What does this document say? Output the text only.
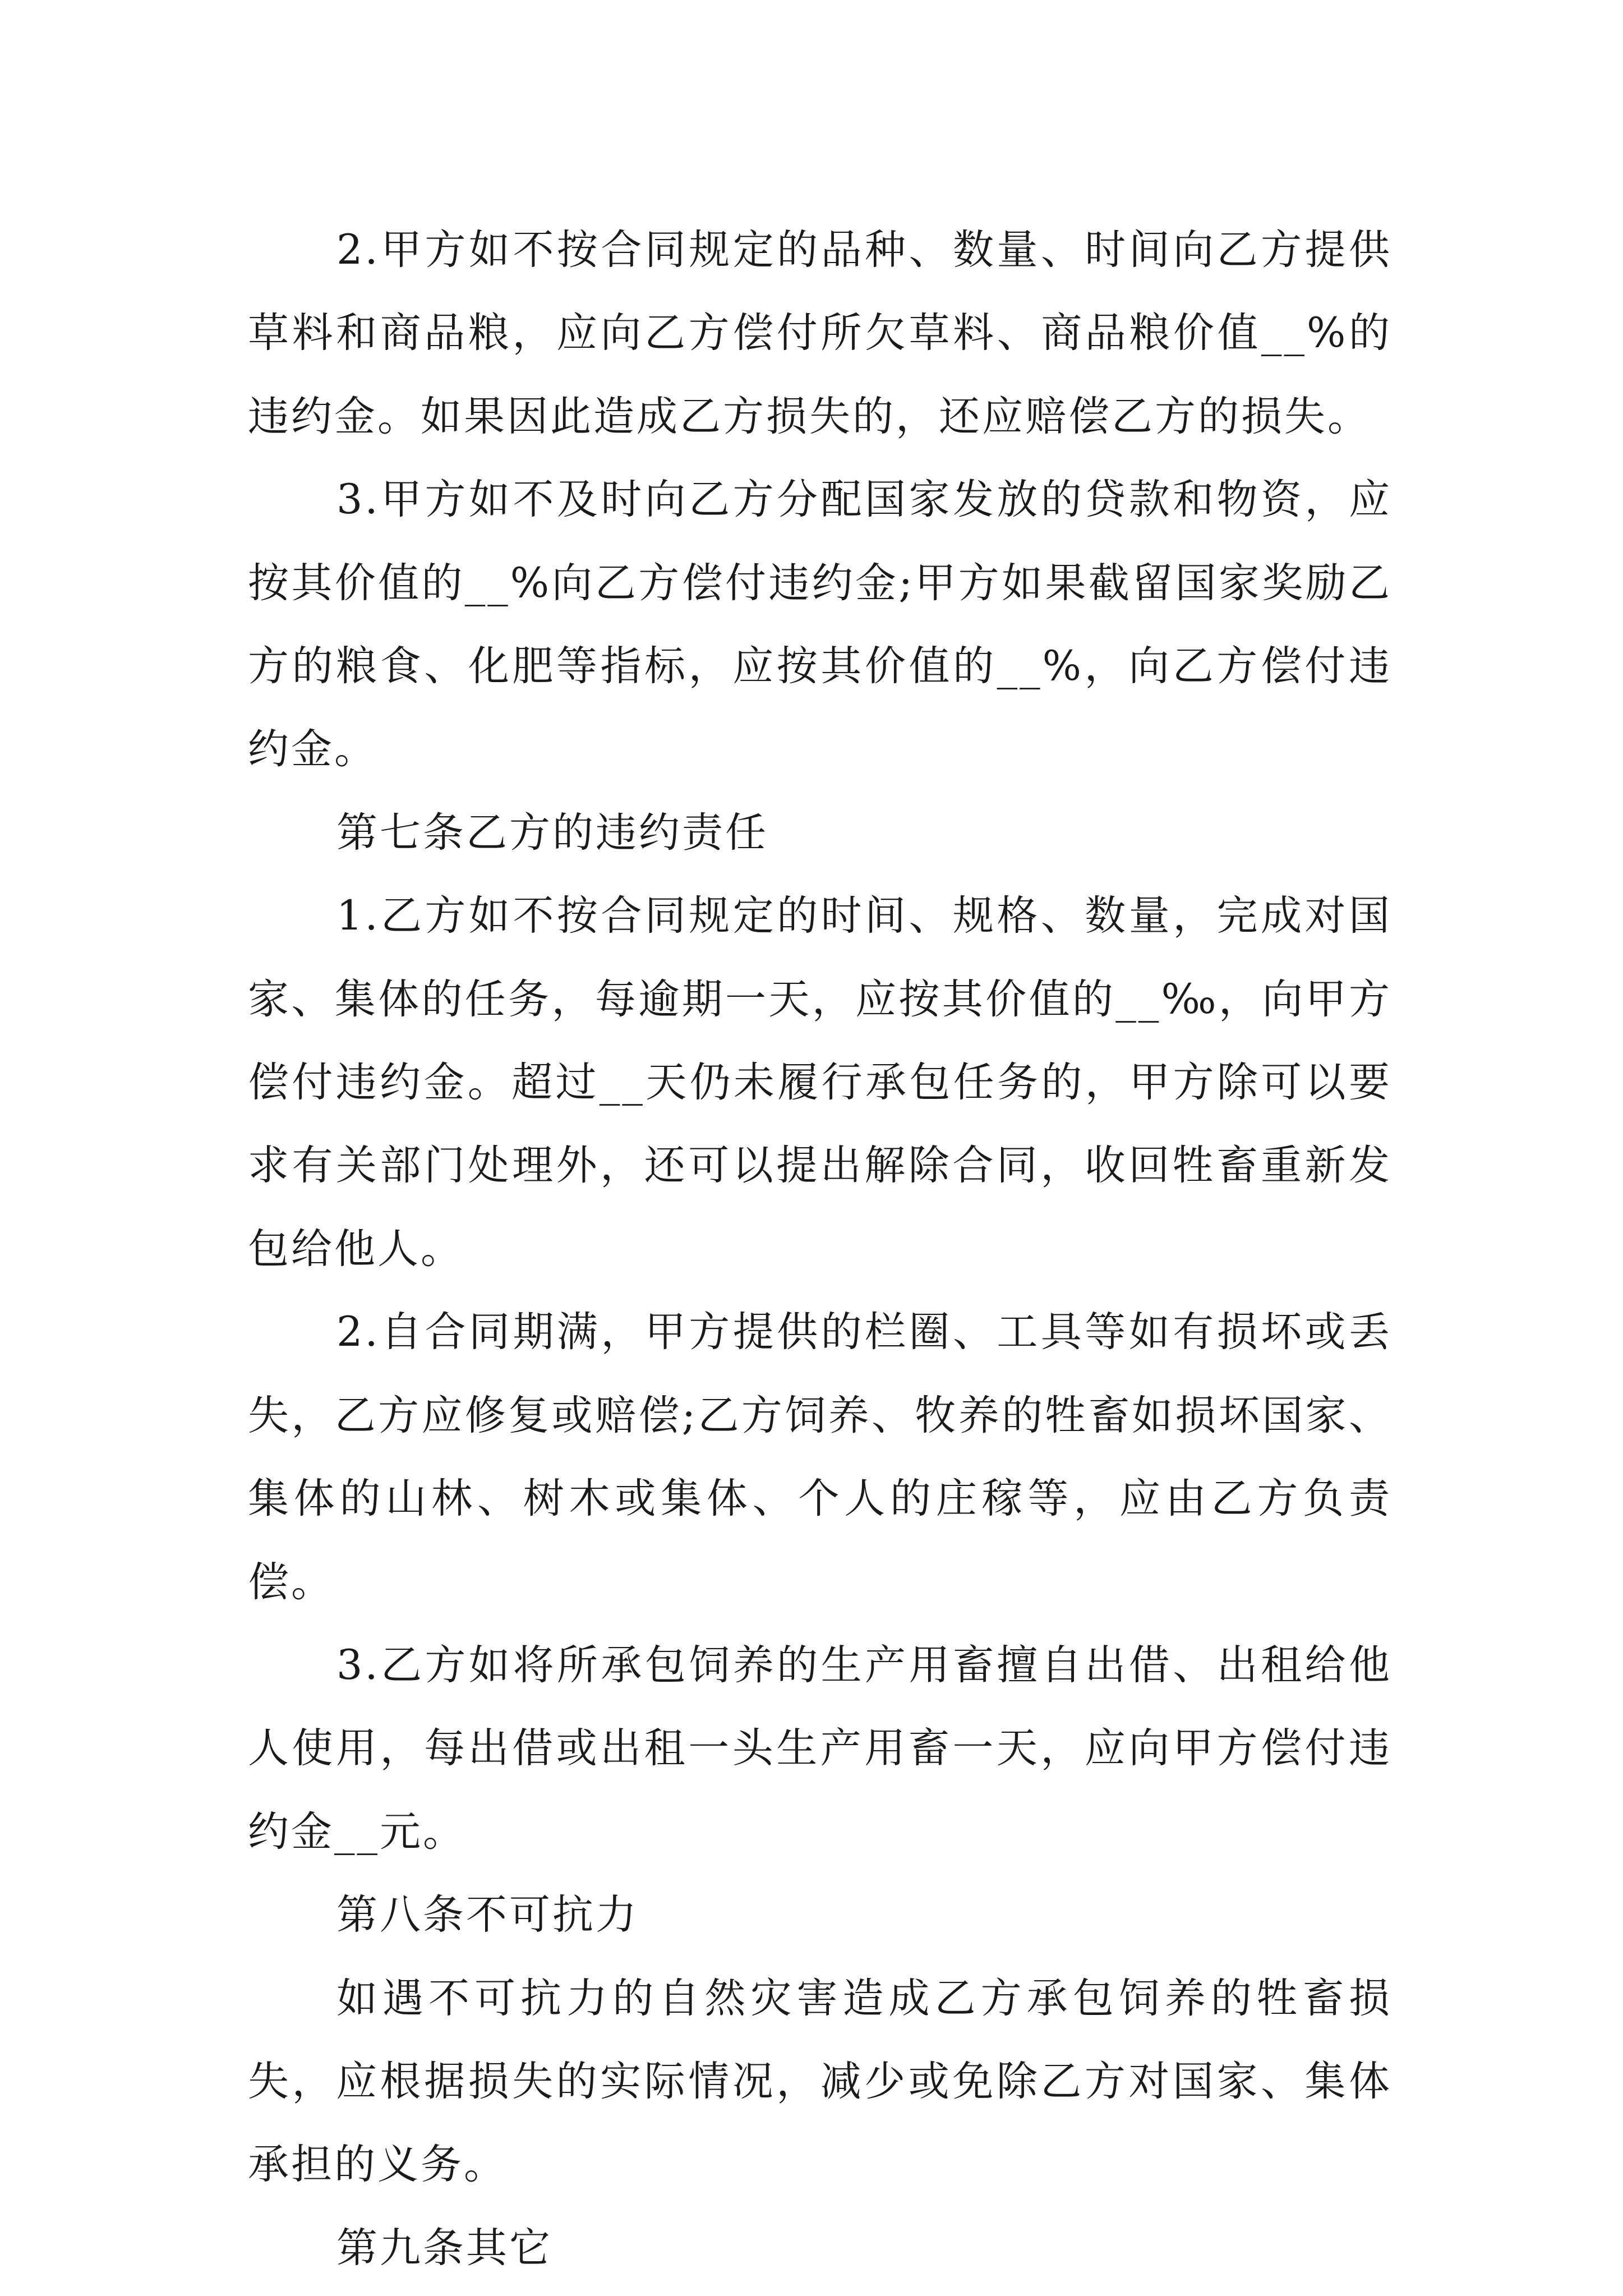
2.甲方如不按合同规定的品种、数量、时间向乙方提供草料和商品粮，应向乙方偿付所欠草料、商品粮价值__%的违约金。如果因此造成乙方损失的，还应赔偿乙方的损失。

3.甲方如不及时向乙方分配国家发放的贷款和物资，应按其价值的__%向乙方偿付违约金;甲方如果截留国家奖励乙方的粮食、化肥等指标，应按其价值的__%，向乙方偿付违约金。

第七条乙方的违约责任

1.乙方如不按合同规定的时间、规格、数量，完成对国家、集体的任务，每逾期一天，应按其价值的__‰，向甲方偿付违约金。超过__天仍未履行承包任务的，甲方除可以要求有关部门处理外，还可以提出解除合同，收回牲畜重新发包给他人。

2.自合同期满，甲方提供的栏圈、工具等如有损坏或丢失，乙方应修复或赔偿;乙方饲养、牧养的牲畜如损坏国家、集体的山林、树木或集体、个人的庄稼等，应由乙方负责偿。

3.乙方如将所承包饲养的生产用畜擅自出借、出租给他人使用，每出借或出租一头生产用畜一天，应向甲方偿付违约金__元。

第八条不可抗力

如遇不可抗力的自然灾害造成乙方承包饲养的牲畜损失，应根据损失的实际情况，减少或免除乙方对国家、集体承担的义务。

第九条其它
